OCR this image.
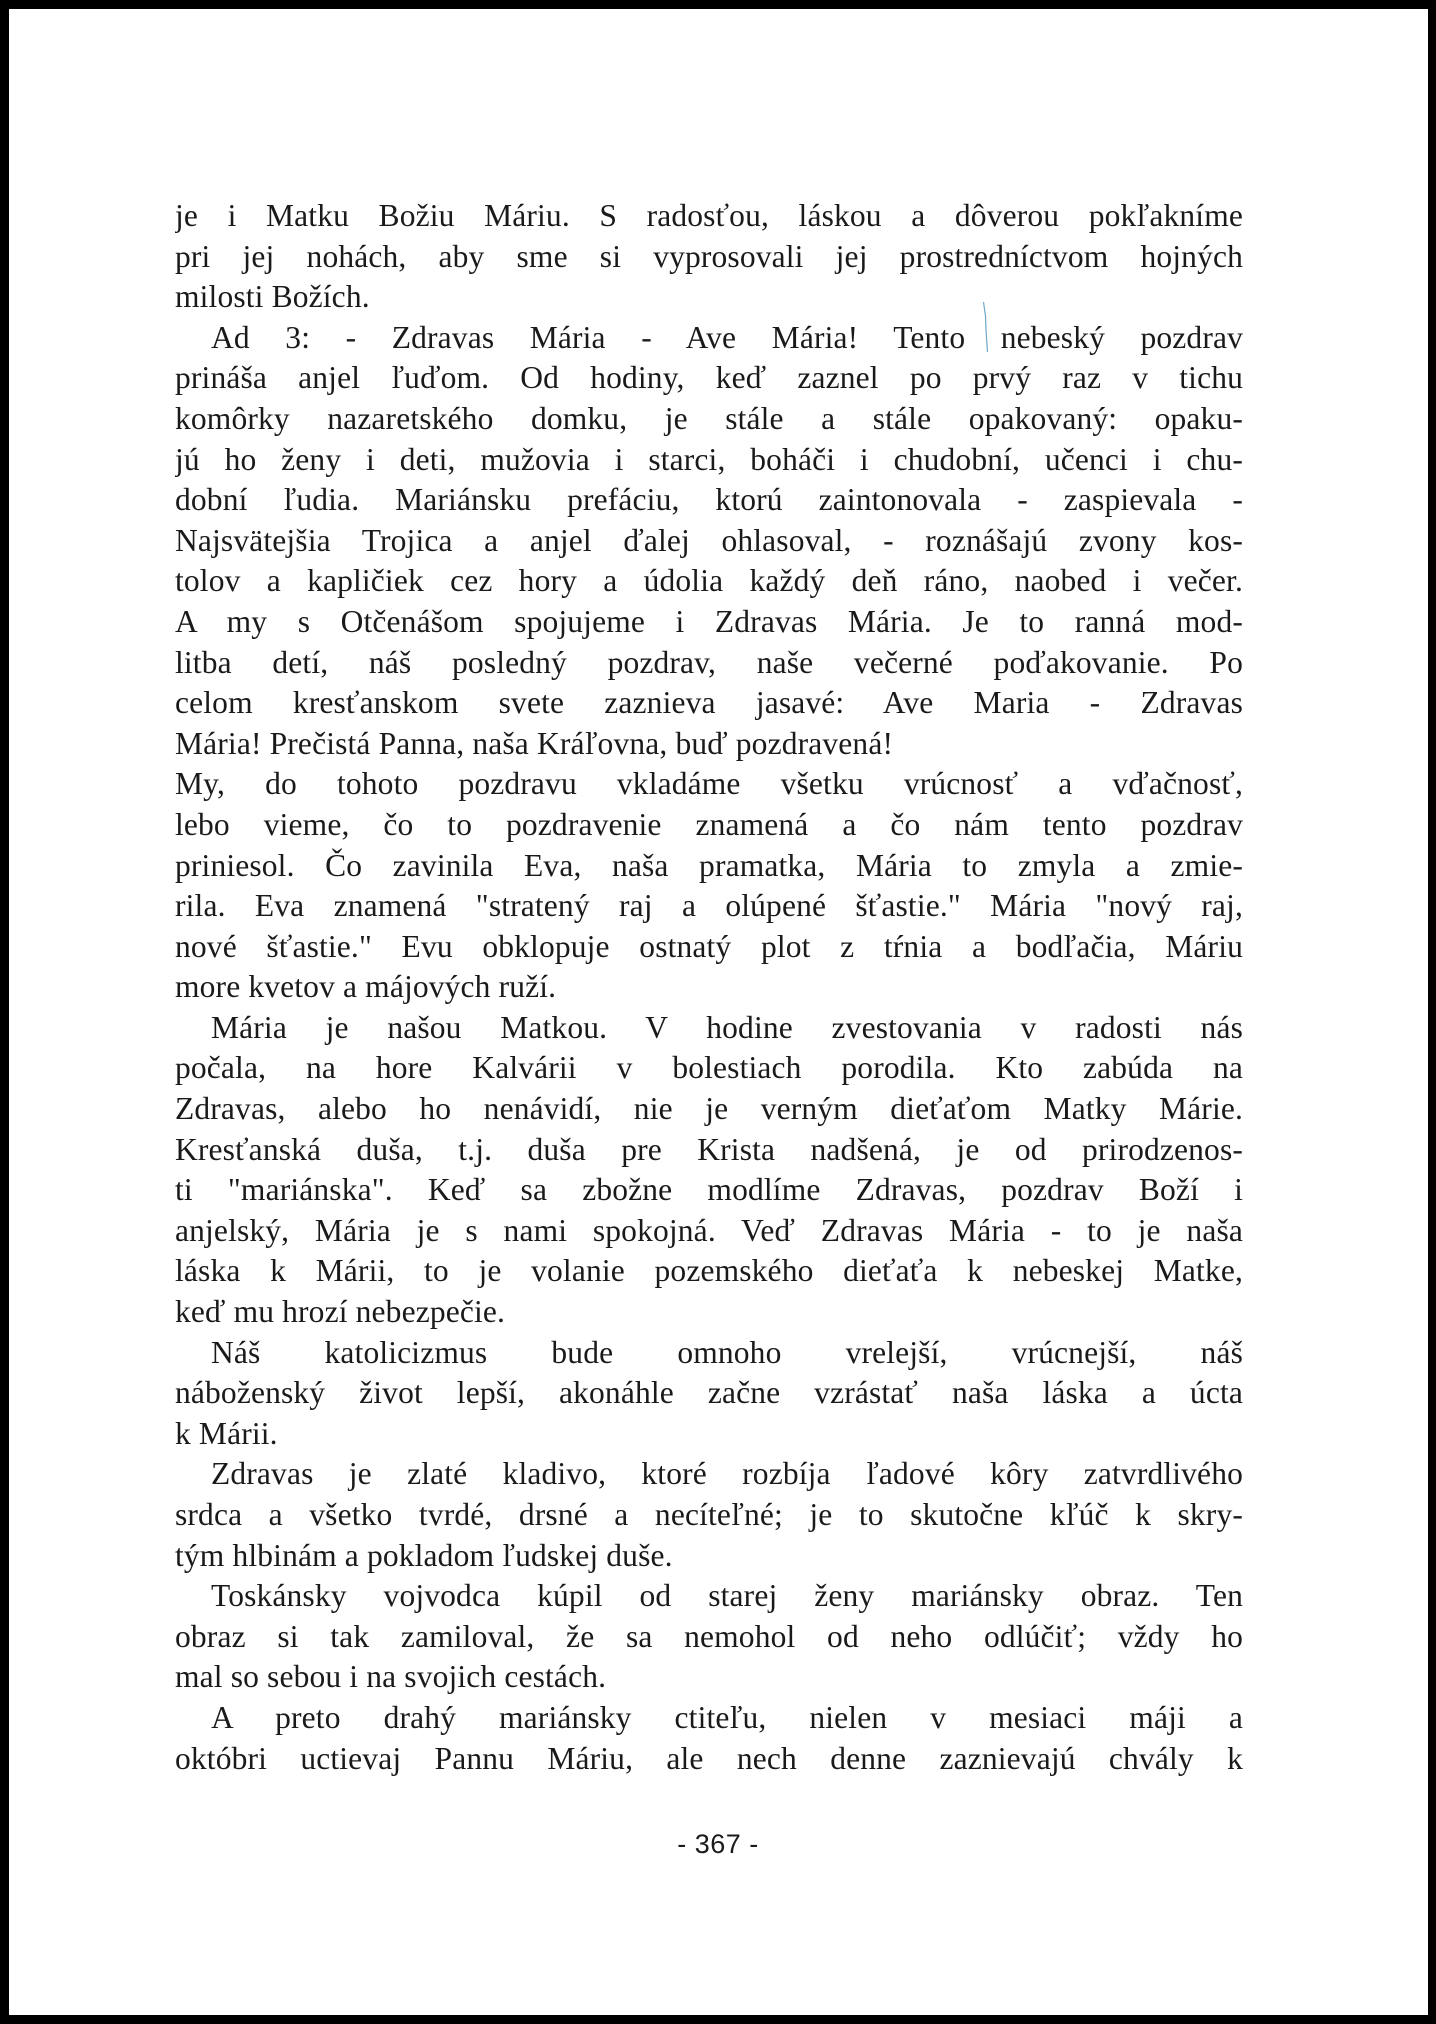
je i Matku Božiu Máriu. S radosťou, láskou a dôverou pokľakníme
pri jej nohách, aby sme si vyprosovali jej prostredníctvom hojných
milosti Božích.
Ad 3: - Zdravas Mária - Ave Mária! Tento nebeský pozdrav
prináša anjel ľuďom. Od hodiny, keď zaznel po prvý raz v tichu
komôrky nazaretského domku, je stále a stále opakovaný: opaku-
jú ho ženy i deti, mužovia i starci, boháči i chudobní, učenci i chu-
dobní ľudia. Mariánsku prefáciu, ktorú zaintonovala - zaspievala -
Najsvätejšia Trojica a anjel ďalej ohlasoval, - roznášajú zvony kos-
tolov a kapličiek cez hory a údolia každý deň ráno, naobed i večer.
A my s Otčenášom spojujeme i Zdravas Mária. Je to ranná mod-
litba detí, náš posledný pozdrav, naše večerné poďakovanie. Po
celom kresťanskom svete zaznieva jasavé: Ave Maria - Zdravas
Mária! Prečistá Panna, naša Kráľovna, buď pozdravená!
My, do tohoto pozdravu vkladáme všetku vrúcnosť a vďačnosť,
lebo vieme, čo to pozdravenie znamená a čo nám tento pozdrav
priniesol. Čo zavinila Eva, naša pramatka, Mária to zmyla a zmie-
rila. Eva znamená "stratený raj a olúpené šťastie." Mária "nový raj,
nové šťastie." Evu obklopuje ostnatý plot z tŕnia a bodľačia, Máriu
more kvetov a májových ruží.
Mária je našou Matkou. V hodine zvestovania v radosti nás
počala, na hore Kalvárii v bolestiach porodila. Kto zabúda na
Zdravas, alebo ho nenávidí, nie je verným dieťaťom Matky Márie.
Kresťanská duša, t.j. duša pre Krista nadšená, je od prirodzenos-
ti "mariánska". Keď sa zbožne modlíme Zdravas, pozdrav Boží i
anjelský, Mária je s nami spokojná. Veď Zdravas Mária - to je naša
láska k Márii, to je volanie pozemského dieťaťa k nebeskej Matke,
keď mu hrozí nebezpečie.
Náš katolicizmus bude omnoho vrelejší, vrúcnejší, náš
náboženský život lepší, akonáhle začne vzrástať naša láska a úcta
k Márii.
Zdravas je zlaté kladivo, ktoré rozbíja ľadové kôry zatvrdlivého
srdca a všetko tvrdé, drsné a necíteľné; je to skutočne kľúč k skry-
tým hlbinám a pokladom ľudskej duše.
Toskánsky vojvodca kúpil od starej ženy mariánsky obraz. Ten
obraz si tak zamiloval, že sa nemohol od neho odlúčiť; vždy ho
mal so sebou i na svojich cestách.
A preto drahý mariánsky ctiteľu, nielen v mesiaci máji a
októbri uctievaj Pannu Máriu, ale nech denne zaznievajú chvály k
- 367 -
